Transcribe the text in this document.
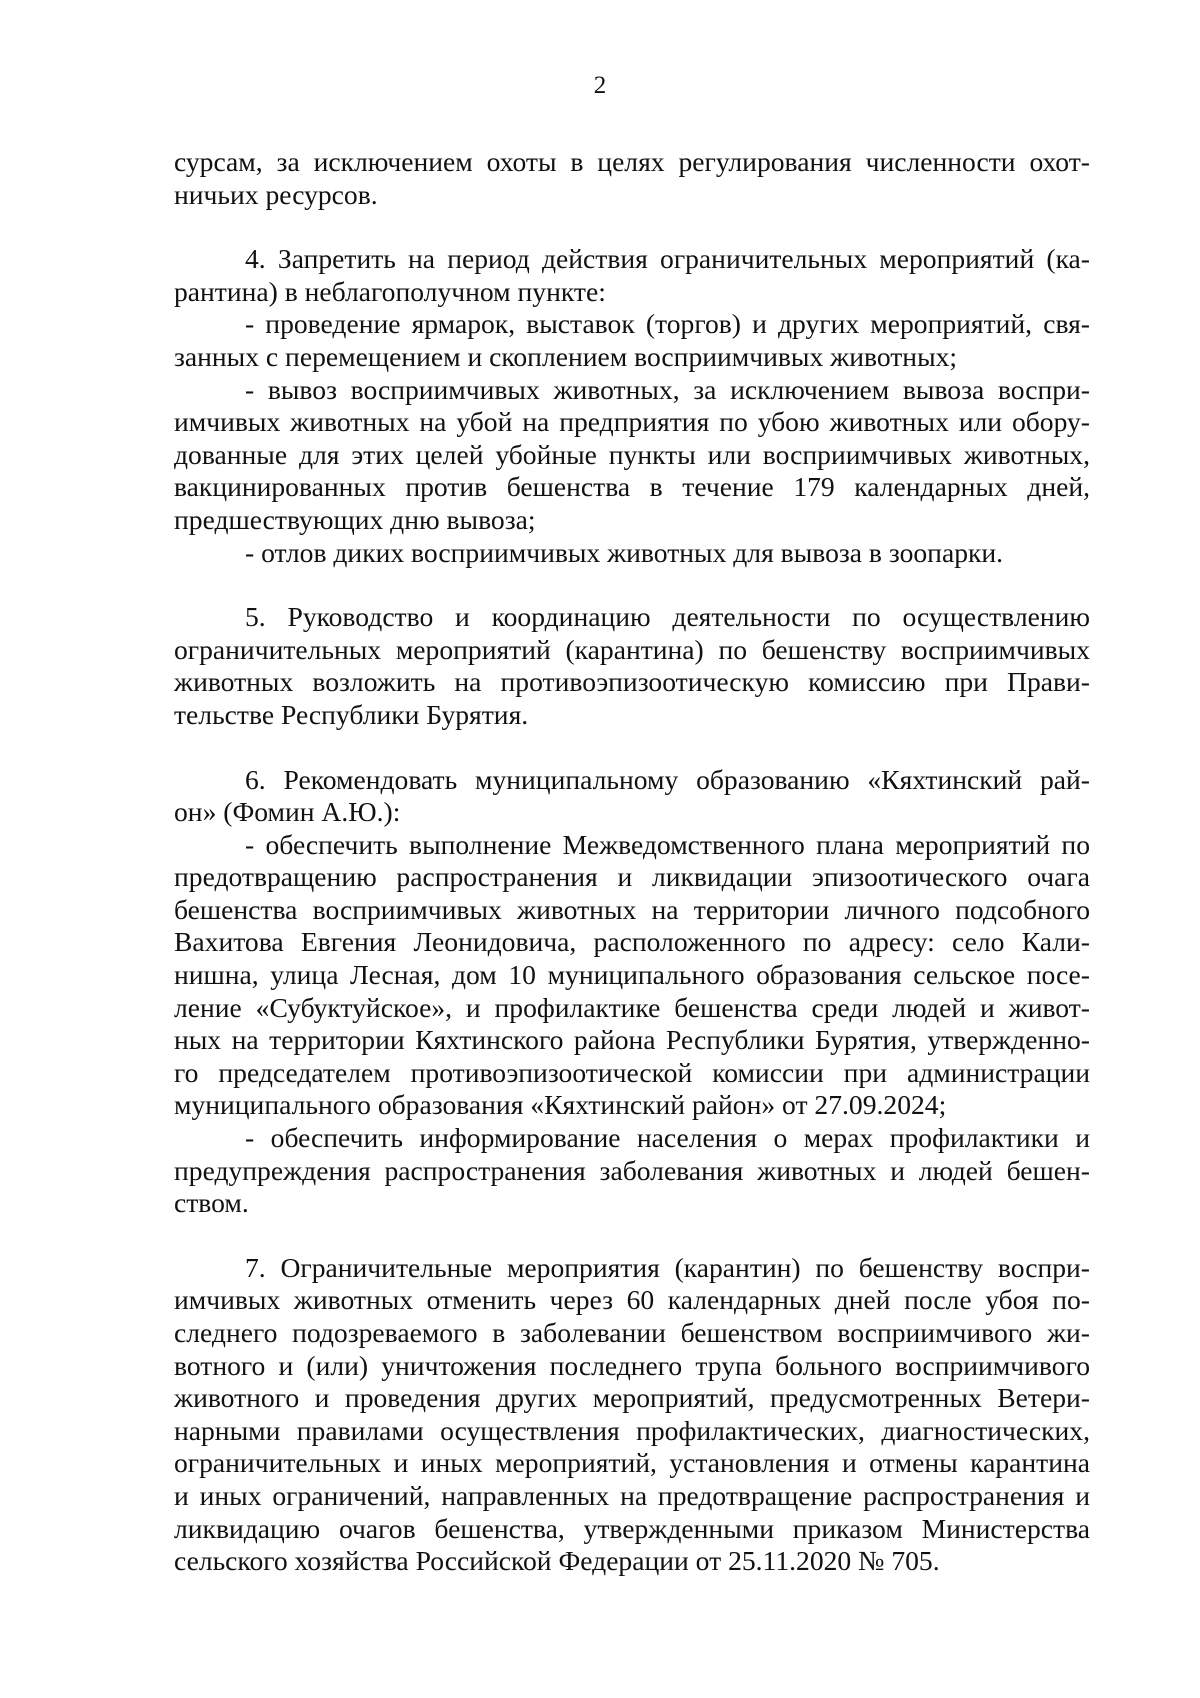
2
сурсам, за исключением охоты в целях регулирования численности охот-
ничьих ресурсов.
4. Запретить на период действия ограничительных мероприятий (ка-
рантина) в неблагополучном пункте:
- проведение ярмарок, выставок (торгов) и других мероприятий, свя-
занных с перемещением и скоплением восприимчивых животных;
- вывоз восприимчивых животных, за исключением вывоза воспри-
имчивых животных на убой на предприятия по убою животных или обору-
дованные для этих целей убойные пункты или восприимчивых животных,
вакцинированных против бешенства в течение 179 календарных дней,
предшествующих дню вывоза;
- отлов диких восприимчивых животных для вывоза в зоопарки.
5. Руководство и координацию деятельности по осуществлению
ограничительных мероприятий (карантина) по бешенству восприимчивых
животных возложить на противоэпизоотическую комиссию при Прави-
тельстве Республики Бурятия.
6. Рекомендовать муниципальному образованию «Кяхтинский рай-
он» (Фомин А.Ю.):
- обеспечить выполнение Межведомственного плана мероприятий по
предотвращению распространения и ликвидации эпизоотического очага
бешенства восприимчивых животных на территории личного подсобного
Вахитова Евгения Леонидовича, расположенного по адресу: село Кали-
нишна, улица Лесная, дом 10 муниципального образования сельское посе-
ление «Субуктуйское», и профилактике бешенства среди людей и живот-
ных на территории Кяхтинского района Республики Бурятия, утвержденно-
го председателем противоэпизоотической комиссии при администрации
муниципального образования «Кяхтинский район» от 27.09.2024;
- обеспечить информирование населения о мерах профилактики и
предупреждения распространения заболевания животных и людей бешен-
ством.
7. Ограничительные мероприятия (карантин) по бешенству воспри-
имчивых животных отменить через 60 календарных дней после убоя по-
следнего подозреваемого в заболевании бешенством восприимчивого жи-
вотного и (или) уничтожения последнего трупа больного восприимчивого
животного и проведения других мероприятий, предусмотренных Ветери-
нарными правилами осуществления профилактических, диагностических,
ограничительных и иных мероприятий, установления и отмены карантина
и иных ограничений, направленных на предотвращение распространения и
ликвидацию очагов бешенства, утвержденными приказом Министерства
сельского хозяйства Российской Федерации от 25.11.2020 № 705.
